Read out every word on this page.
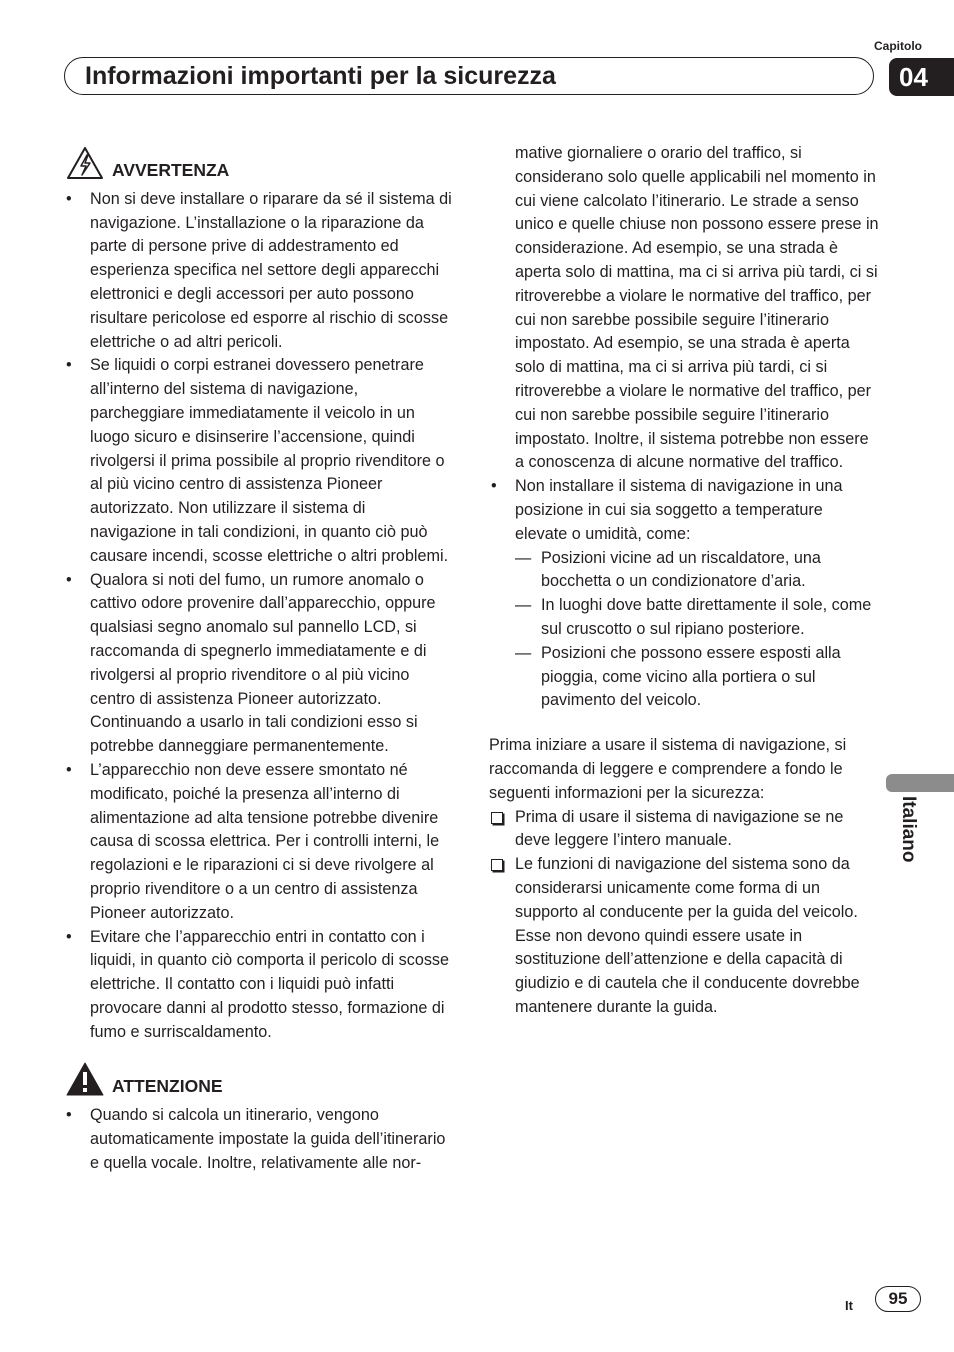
Capitolo
04
Informazioni importanti per la sicurezza
AVVERTENZA
• Non si deve installare o riparare da sé il sistema di navigazione. L’installazione o la riparazione da parte di persone prive di addestramento ed esperienza specifica nel settore degli apparecchi elettronici e degli accessori per auto possono risultare pericolose ed esporre al rischio di scosse elettriche o ad altri pericoli.
• Se liquidi o corpi estranei dovessero penetrare all’interno del sistema di navigazione, parcheggiare immediatamente il veicolo in un luogo sicuro e disinserire l’accensione, quindi rivolgersi il prima possibile al proprio rivenditore o al più vicino centro di assistenza Pioneer autorizzato. Non utilizzare il sistema di navigazione in tali condizioni, in quanto ciò può causare incendi, scosse elettriche o altri problemi.
• Qualora si noti del fumo, un rumore anomalo o cattivo odore provenire dall’apparecchio, oppure qualsiasi segno anomalo sul pannello LCD, si raccomanda di spegnerlo immediatamente e di rivolgersi al proprio rivenditore o al più vicino centro di assistenza Pioneer autorizzato. Continuando a usarlo in tali condizioni esso si potrebbe danneggiare permanentemente.
• L’apparecchio non deve essere smontato né modificato, poiché la presenza all’interno di alimentazione ad alta tensione potrebbe divenire causa di scossa elettrica. Per i controlli interni, le regolazioni e le riparazioni ci si deve rivolgere al proprio rivenditore o a un centro di assistenza Pioneer autorizzato.
• Evitare che l’apparecchio entri in contatto con i liquidi, in quanto ciò comporta il pericolo di scosse elettriche. Il contatto con i liquidi può infatti provocare danni al prodotto stesso, formazione di fumo e surriscaldamento.
ATTENZIONE
• Quando si calcola un itinerario, vengono automaticamente impostate la guida dell’itinerario e quella vocale. Inoltre, relativamente alle nor-
mative giornaliere o orario del traffico, si considerano solo quelle applicabili nel momento in cui viene calcolato l’itinerario. Le strade a senso unico e quelle chiuse non possono essere prese in considerazione. Ad esempio, se una strada è aperta solo di mattina, ma ci si arriva più tardi, ci si ritroverebbe a violare le normative del traffico, per cui non sarebbe possibile seguire l’itinerario impostato. Ad esempio, se una strada è aperta solo di mattina, ma ci si arriva più tardi, ci si ritroverebbe a violare le normative del traffico, per cui non sarebbe possibile seguire l’itinerario impostato. Inoltre, il sistema potrebbe non essere a conoscenza di alcune normative del traffico.
• Non installare il sistema di navigazione in una posizione in cui sia soggetto a temperature elevate o umidità, come:
— Posizioni vicine ad un riscaldatore, una bocchetta o un condizionatore d’aria.
— In luoghi dove batte direttamente il sole, come sul cruscotto o sul ripiano posteriore.
— Posizioni che possono essere esposti alla pioggia, come vicino alla portiera o sul pavimento del veicolo.
Prima iniziare a usare il sistema di navigazione, si raccomanda di leggere e comprendere a fondo le seguenti informazioni per la sicurezza:
Prima di usare il sistema di navigazione se ne deve leggere l’intero manuale.
Le funzioni di navigazione del sistema sono da considerarsi unicamente come forma di un supporto al conducente per la guida del veicolo. Esse non devono quindi essere usate in sostituzione dell’attenzione e della capacità di giudizio e di cautela che il conducente dovrebbe mantenere durante la guida.
Italiano
It	95
